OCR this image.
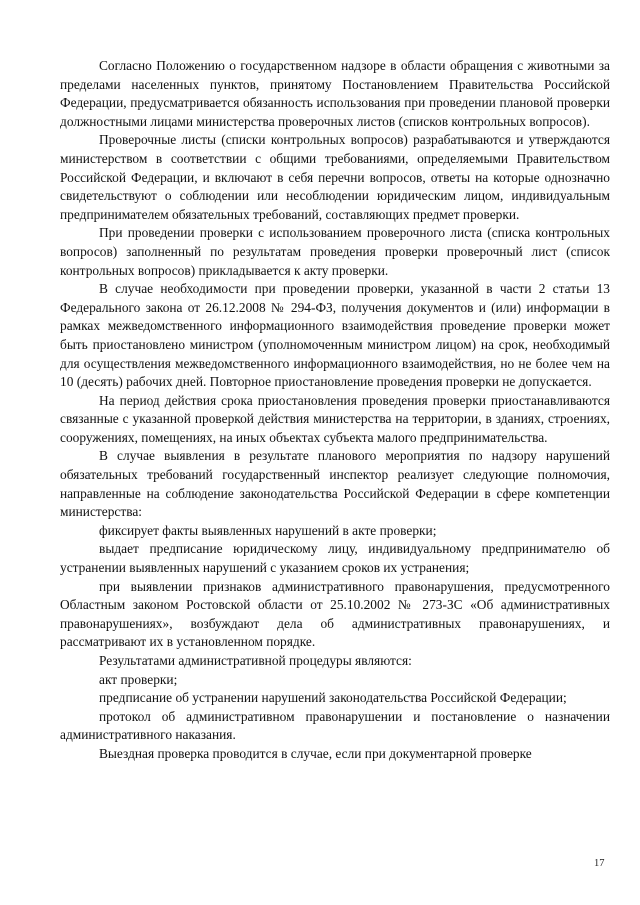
Согласно Положению о государственном надзоре в области обращения с животными за пределами населенных пунктов, принятому Постановлением Правительства Российской Федерации, предусматривается обязанность использования при проведении плановой проверки должностными лицами министерства проверочных листов (списков контрольных вопросов).

Проверочные листы (списки контрольных вопросов) разрабатываются и утверждаются министерством в соответствии с общими требованиями, определяемыми Правительством Российской Федерации, и включают в себя перечни вопросов, ответы на которые однозначно свидетельствуют о соблюдении или несоблюдении юридическим лицом, индивидуальным предпринимателем обязательных требований, составляющих предмет проверки.

При проведении проверки с использованием проверочного листа (списка контрольных вопросов) заполненный по результатам проведения проверки проверочный лист (список контрольных вопросов) прикладывается к акту проверки.

В случае необходимости при проведении проверки, указанной в части 2 статьи 13 Федерального закона от 26.12.2008 № 294-ФЗ, получения документов и (или) информации в рамках межведомственного информационного взаимодействия проведение проверки может быть приостановлено министром (уполномоченным министром лицом) на срок, необходимый для осуществления межведомственного информационного взаимодействия, но не более чем на 10 (десять) рабочих дней. Повторное приостановление проведения проверки не допускается.

На период действия срока приостановления проведения проверки приостанавливаются связанные с указанной проверкой действия министерства на территории, в зданиях, строениях, сооружениях, помещениях, на иных объектах субъекта малого предпринимательства.

В случае выявления в результате планового мероприятия по надзору нарушений обязательных требований государственный инспектор реализует следующие полномочия, направленные на соблюдение законодательства Российской Федерации в сфере компетенции министерства:

фиксирует факты выявленных нарушений в акте проверки;

выдает предписание юридическому лицу, индивидуальному предпринимателю об устранении выявленных нарушений с указанием сроков их устранения;

при выявлении признаков административного правонарушения, предусмотренного Областным законом Ростовской области от 25.10.2002 № 273-ЗС «Об административных правонарушениях», возбуждают дела об административных правонарушениях, и рассматривают их в установленном порядке.

Результатами административной процедуры являются:

акт проверки;

предписание об устранении нарушений законодательства Российской Федерации;

протокол об административном правонарушении и постановление о назначении административного наказания.

Выездная проверка проводится в случае, если при документарной проверке

17
